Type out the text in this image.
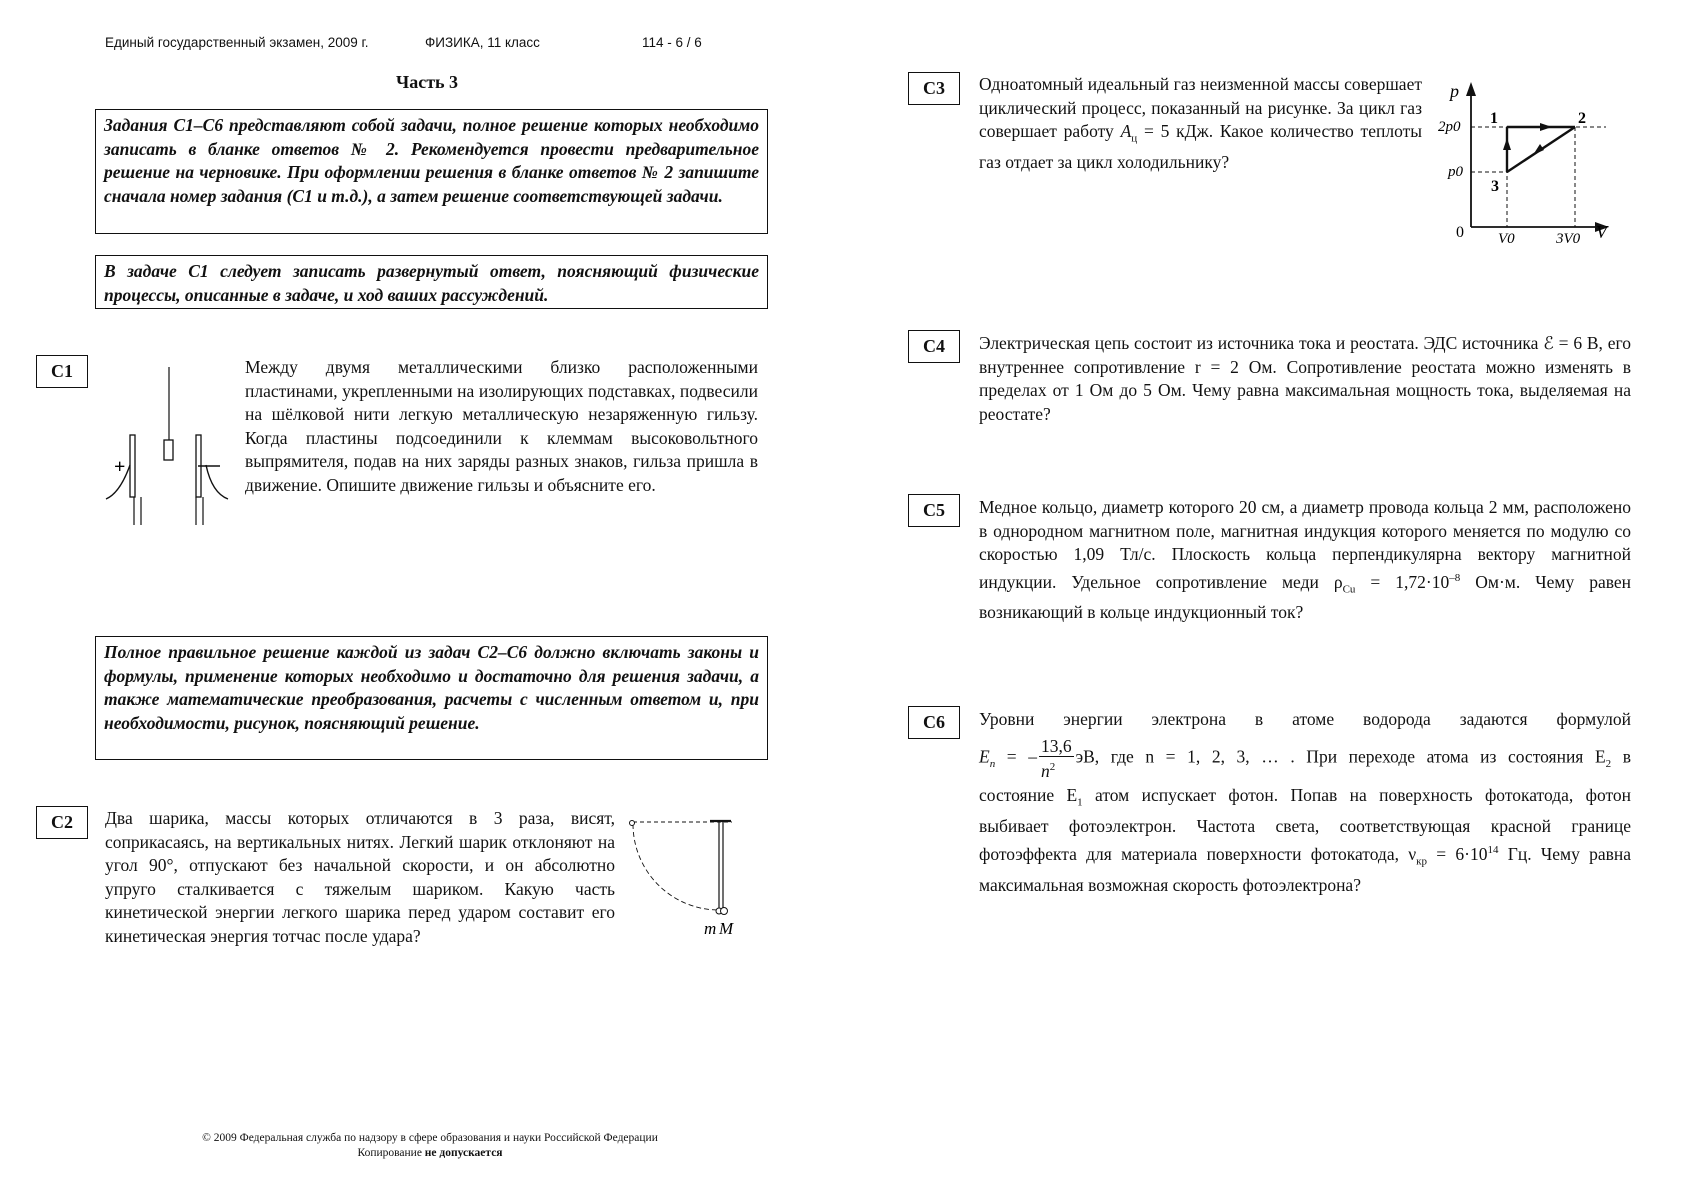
Единый государственный экзамен, 2009 г.	ФИЗИКА, 11 класс	114 - 6 / 6
Часть 3

Задания С1–С6 представляют собой задачи, полное решение которых необходимо записать в бланке ответов № 2. Рекомендуется провести предварительное решение на черновике. При оформлении решения в бланке ответов № 2 запишите сначала номер задания (С1 и т.д.), а затем решение соответствующей задачи.

В задаче С1 следует записать развернутый ответ, поясняющий физические процессы, описанные в задаче, и ход ваших рассуждений.

С1
+

Между двумя металлическими близко расположенными пластинами, укрепленными на изолирующих подставках, подвесили на шёлковой нити легкую металлическую незаряженную гильзу. Когда пластины подсоединили к клеммам высоковольтного выпрямителя, подав на них заряды разных знаков, гильза пришла в движение. Опишите движение гильзы и объясните его.

Полное правильное решение каждой из задач С2–С6 должно включать законы и формулы, применение которых необходимо и достаточно для решения задачи, а также математические преобразования, расчеты с численным ответом и, при необходимости, рисунок, поясняющий решение.

С2	Два шарика, массы которых отличаются в 3 раза, висят, соприкасаясь, на вертикальных нитях. Легкий шарик отклоняют на угол 90°, отпускают без начальной скорости, и он абсолютно упруго сталкивается с тяжелым шариком. Какую часть кинетической энергии легкого шарика перед ударом составит его кинетическая энергия тотчас после удара?	m M
С3	Одноатомный идеальный газ неизменной массы совершает циклический процесс, показанный на рисунке. За цикл газ совершает работу $A_ц = 5$ кДж. Какое количество теплоты газ отдает за цикл холодильнику?

p
V
0
2p0
p0
V0	3V0
1	2
3
С4	Электрическая цепь состоит из источника тока и реостата. ЭДС источника ℰ = 6 В, его внутреннее сопротивление r = 2 Ом. Сопротивление реостата можно изменять в пределах от 1 Ом до 5 Ом. Чему равна максимальная мощность тока, выделяемая на реостате?

С5	Медное кольцо, диаметр которого 20 см, а диаметр провода кольца 2 мм, расположено в однородном магнитном поле, магнитная индукция которого меняется по модулю со скоростью 1,09 Тл/с. Плоскость кольца перпендикулярна вектору магнитной индукции. Удельное сопротивление меди $\rho_{Cu} = 1,72\cdot 10^{-8}$ Ом·м. Чему равен возникающий в кольце индукционный ток?

С6	Уровни энергии электрона в атоме водорода задаются формулой
$E_n$ = – $\frac{13,6}{n^2}$ эВ, где n = 1, 2, 3, … . При переходе атома из состояния $E_2$ в
состояние $E_1$ атом испускает фотон. Попав на поверхность фотокатода, фотон выбивает фотоэлектрон. Частота света, соответствующая красной границе фотоэффекта для материала поверхности фотокатода, $\nu_{кр} = 6\cdot 10^{14}$ Гц. Чему равна максимальная возможная скорость фотоэлектрона?
© 2009 Федеральная служба по надзору в сфере образования и науки Российской Федерации
Копирование не допускается
